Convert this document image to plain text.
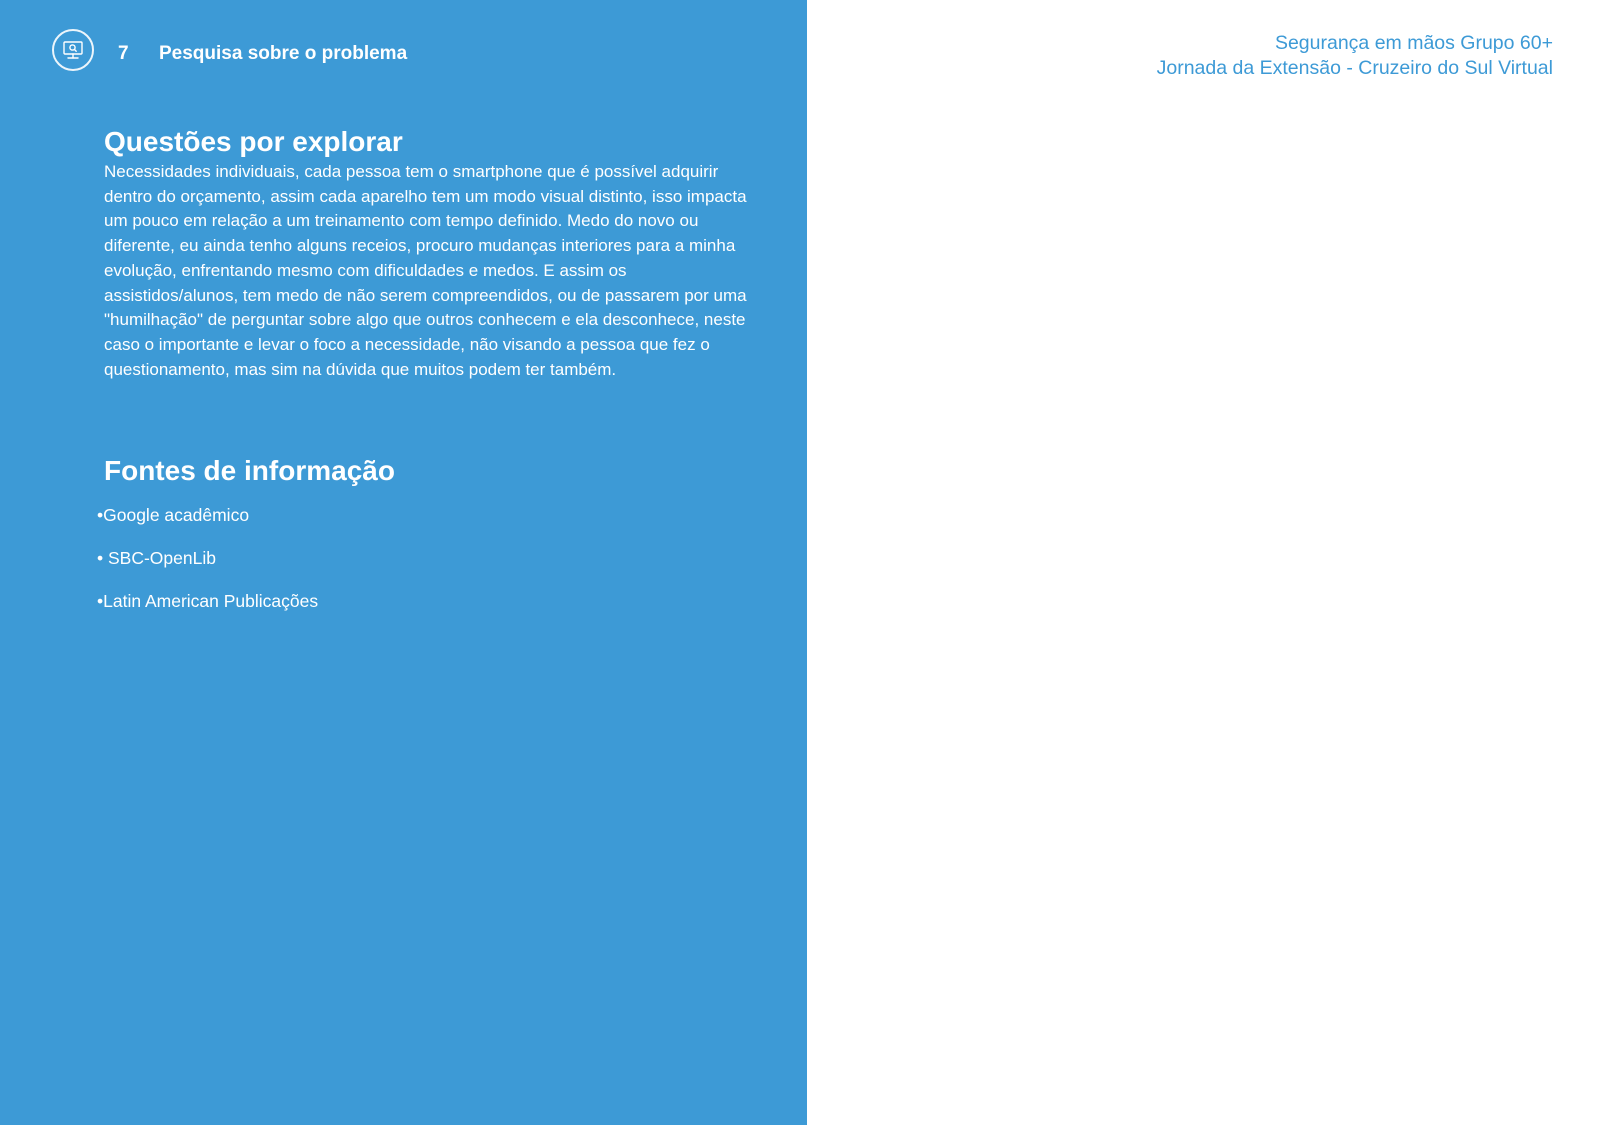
7 Pesquisa sobre o problema
Questões por explorar

Necessidades individuais, cada pessoa tem o smartphone que é possível adquirir dentro do orçamento, assim cada aparelho tem um modo visual distinto, isso impacta um pouco em relação a um treinamento com tempo definido. Medo do novo ou diferente, eu ainda tenho alguns receios, procuro mudanças interiores para a minha evolução, enfrentando mesmo com dificuldades e medos. E assim os assistidos/alunos, tem medo de não serem compreendidos, ou de passarem por uma "humilhação" de perguntar sobre algo que outros conhecem e ela desconhece, neste caso o importante e levar o foco a necessidade, não visando a pessoa que fez o questionamento, mas sim na dúvida que muitos podem ter também.

Fontes de informação
•Google acadêmico
• SBC-OpenLib
•Latin American Publicações
Segurança em mãos Grupo 60+
Jornada da Extensão - Cruzeiro do Sul Virtual
